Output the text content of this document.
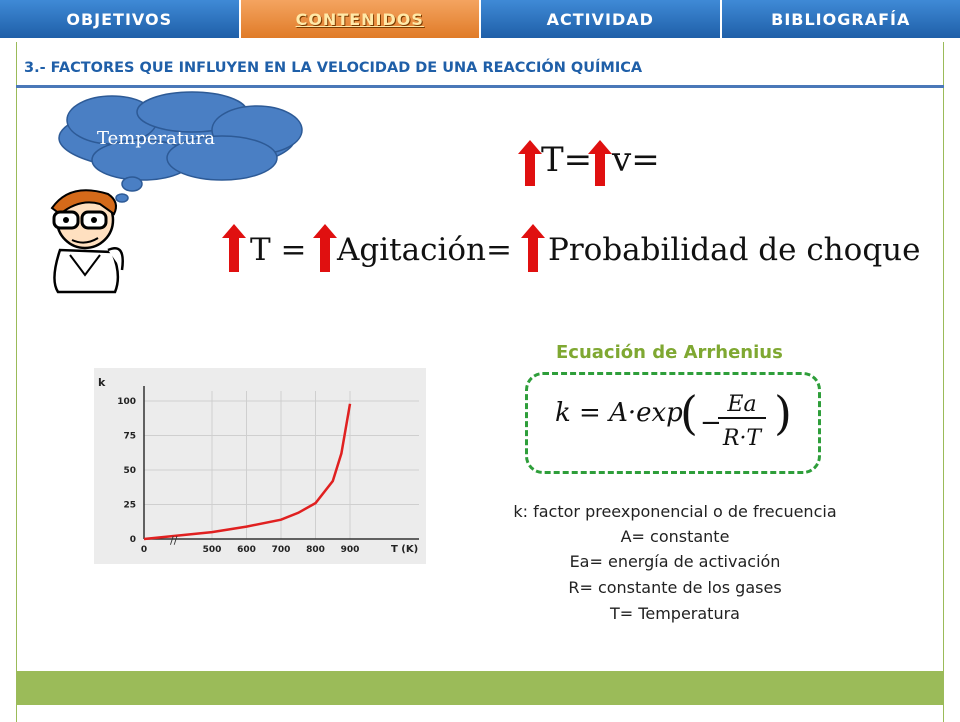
OBJETIVOS	CONTENIDOS	ACTIVIDAD	BIBLIOGRAFÍA
3.- FACTORES QUE INFLUYEN EN LA VELOCIDAD DE UNA REACCIÓN QUÍMICA
Temperatura
T= v=
T = Agitación= Probabilidad de choque
0	500 600 700 800 900
0
25
50
75
100
k
T (K)
//
Ecuación de Arrhenius
k = A·exp
( −
Ea
R·T )
k: factor preexponencial o de frecuencia
A= constante
Ea= energía de activación
R= constante de los gases
T= Temperatura
